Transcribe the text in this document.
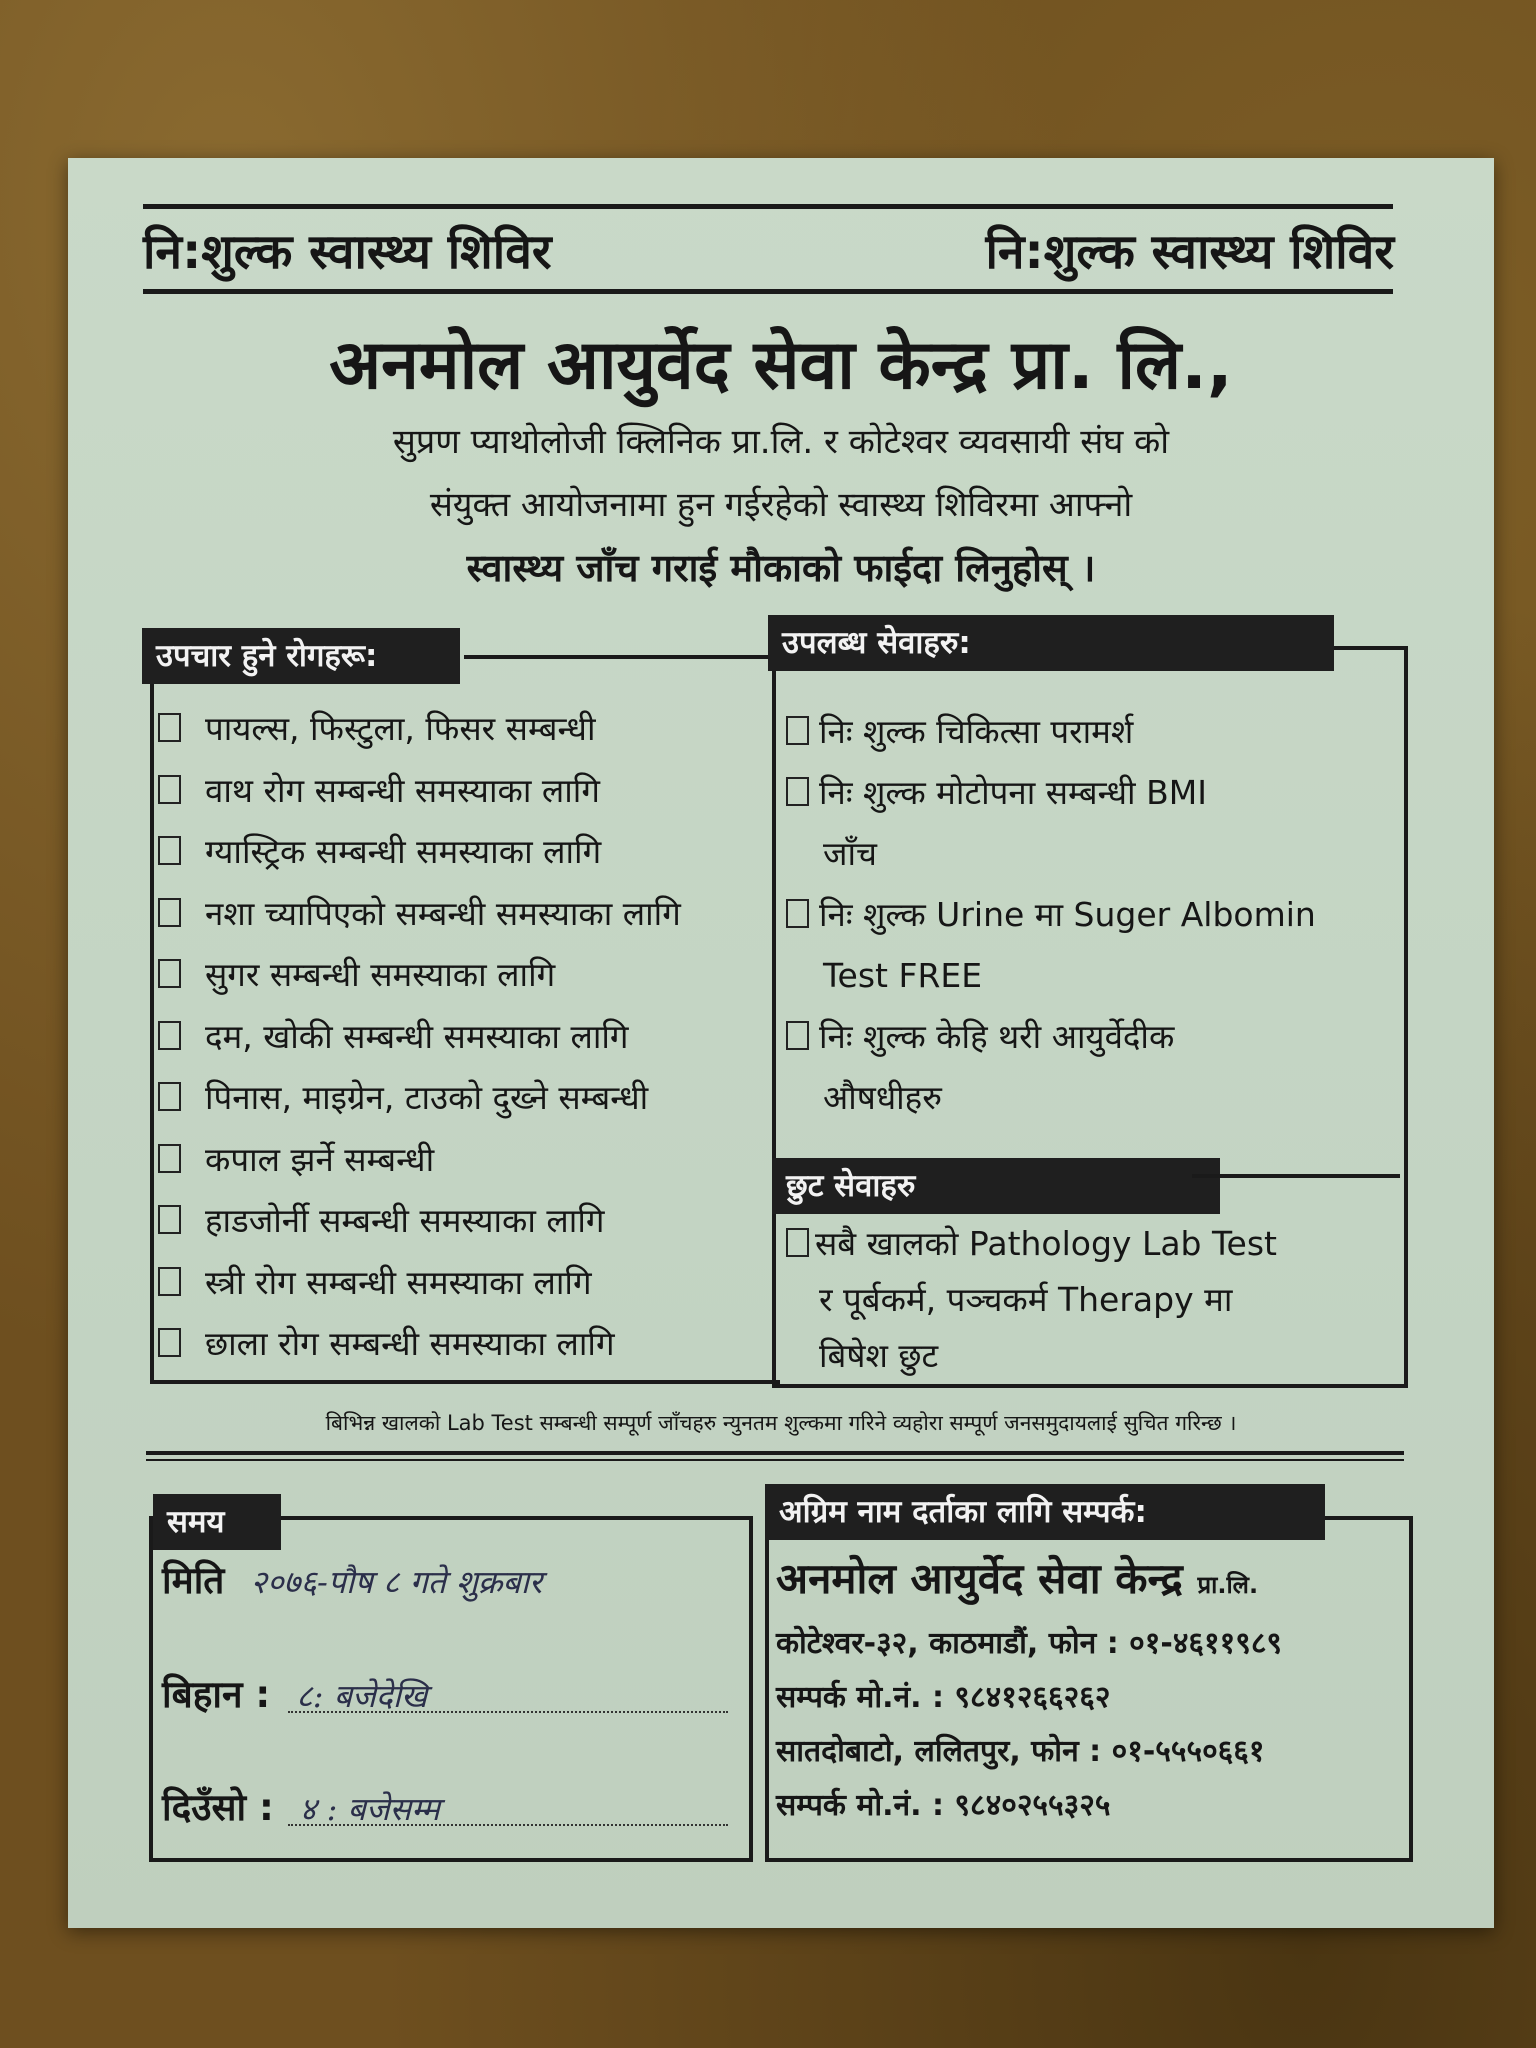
नि:शुल्क स्वास्थ्य शिविर	नि:शुल्क स्वास्थ्य शिविर
अनमोल आयुर्वेद सेवा केन्द्र प्रा. लि.,
सुप्रण प्याथोलोजी क्लिनिक प्रा.लि. र कोटेश्वर व्यवसायी संघ को
संयुक्त आयोजनामा हुन गईरहेको स्वास्थ्य शिविरमा आफ्नो
स्वास्थ्य जाँच गराई मौकाको फाईदा लिनुहोस् ।
उपचार हुने रोगहरू:
पायल्स, फिस्टुला, फिसर सम्बन्धी
वाथ रोग सम्बन्धी समस्याका लागि
ग्यास्ट्रिक सम्बन्धी समस्याका लागि
नशा च्यापिएको सम्बन्धी समस्याका लागि
सुगर सम्बन्धी समस्याका लागि
दम, खोकी सम्बन्धी समस्याका लागि
पिनास, माइग्रेन, टाउको दुख्ने सम्बन्धी
कपाल झर्ने सम्बन्धी
हाडजोर्नी सम्बन्धी समस्याका लागि
स्त्री रोग सम्बन्धी समस्याका लागि
छाला रोग सम्बन्धी समस्याका लागि
उपलब्ध सेवाहरु:
निः शुल्क चिकित्सा परामर्श
निः शुल्क मोटोपना सम्बन्धी BMI
जाँच
निः शुल्क Urine मा Suger Albomin
Test FREE
निः शुल्क केहि थरी आयुर्वेदीक
औषधीहरु
छुट सेवाहरु
सबै खालको Pathology Lab Test
र पूर्बकर्म, पञ्चकर्म Therapy मा
बिषेश छुट
बिभिन्न खालको Lab Test सम्बन्धी सम्पूर्ण जाँचहरु न्युनतम शुल्कमा गरिने व्यहोरा सम्पूर्ण जनसमुदायलाई सुचित गरिन्छ ।
समय
मिति २०७६-पौष ८ गते शुक्रबार
बिहान : ८: बजेदेखि
दिउँसो : ४ : बजेसम्म
अग्रिम नाम दर्ताका लागि सम्पर्क:
अनमोल आयुर्वेद सेवा केन्द्र प्रा.लि.
कोटेश्वर-३२, काठमाडौं, फोन : ०१-४६११९८९
सम्पर्क मो.नं. : ९८४१२६६२६२
सातदोबाटो, ललितपुर, फोन : ०१-५५५०६६१
सम्पर्क मो.नं. : ९८४०२५५३२५
